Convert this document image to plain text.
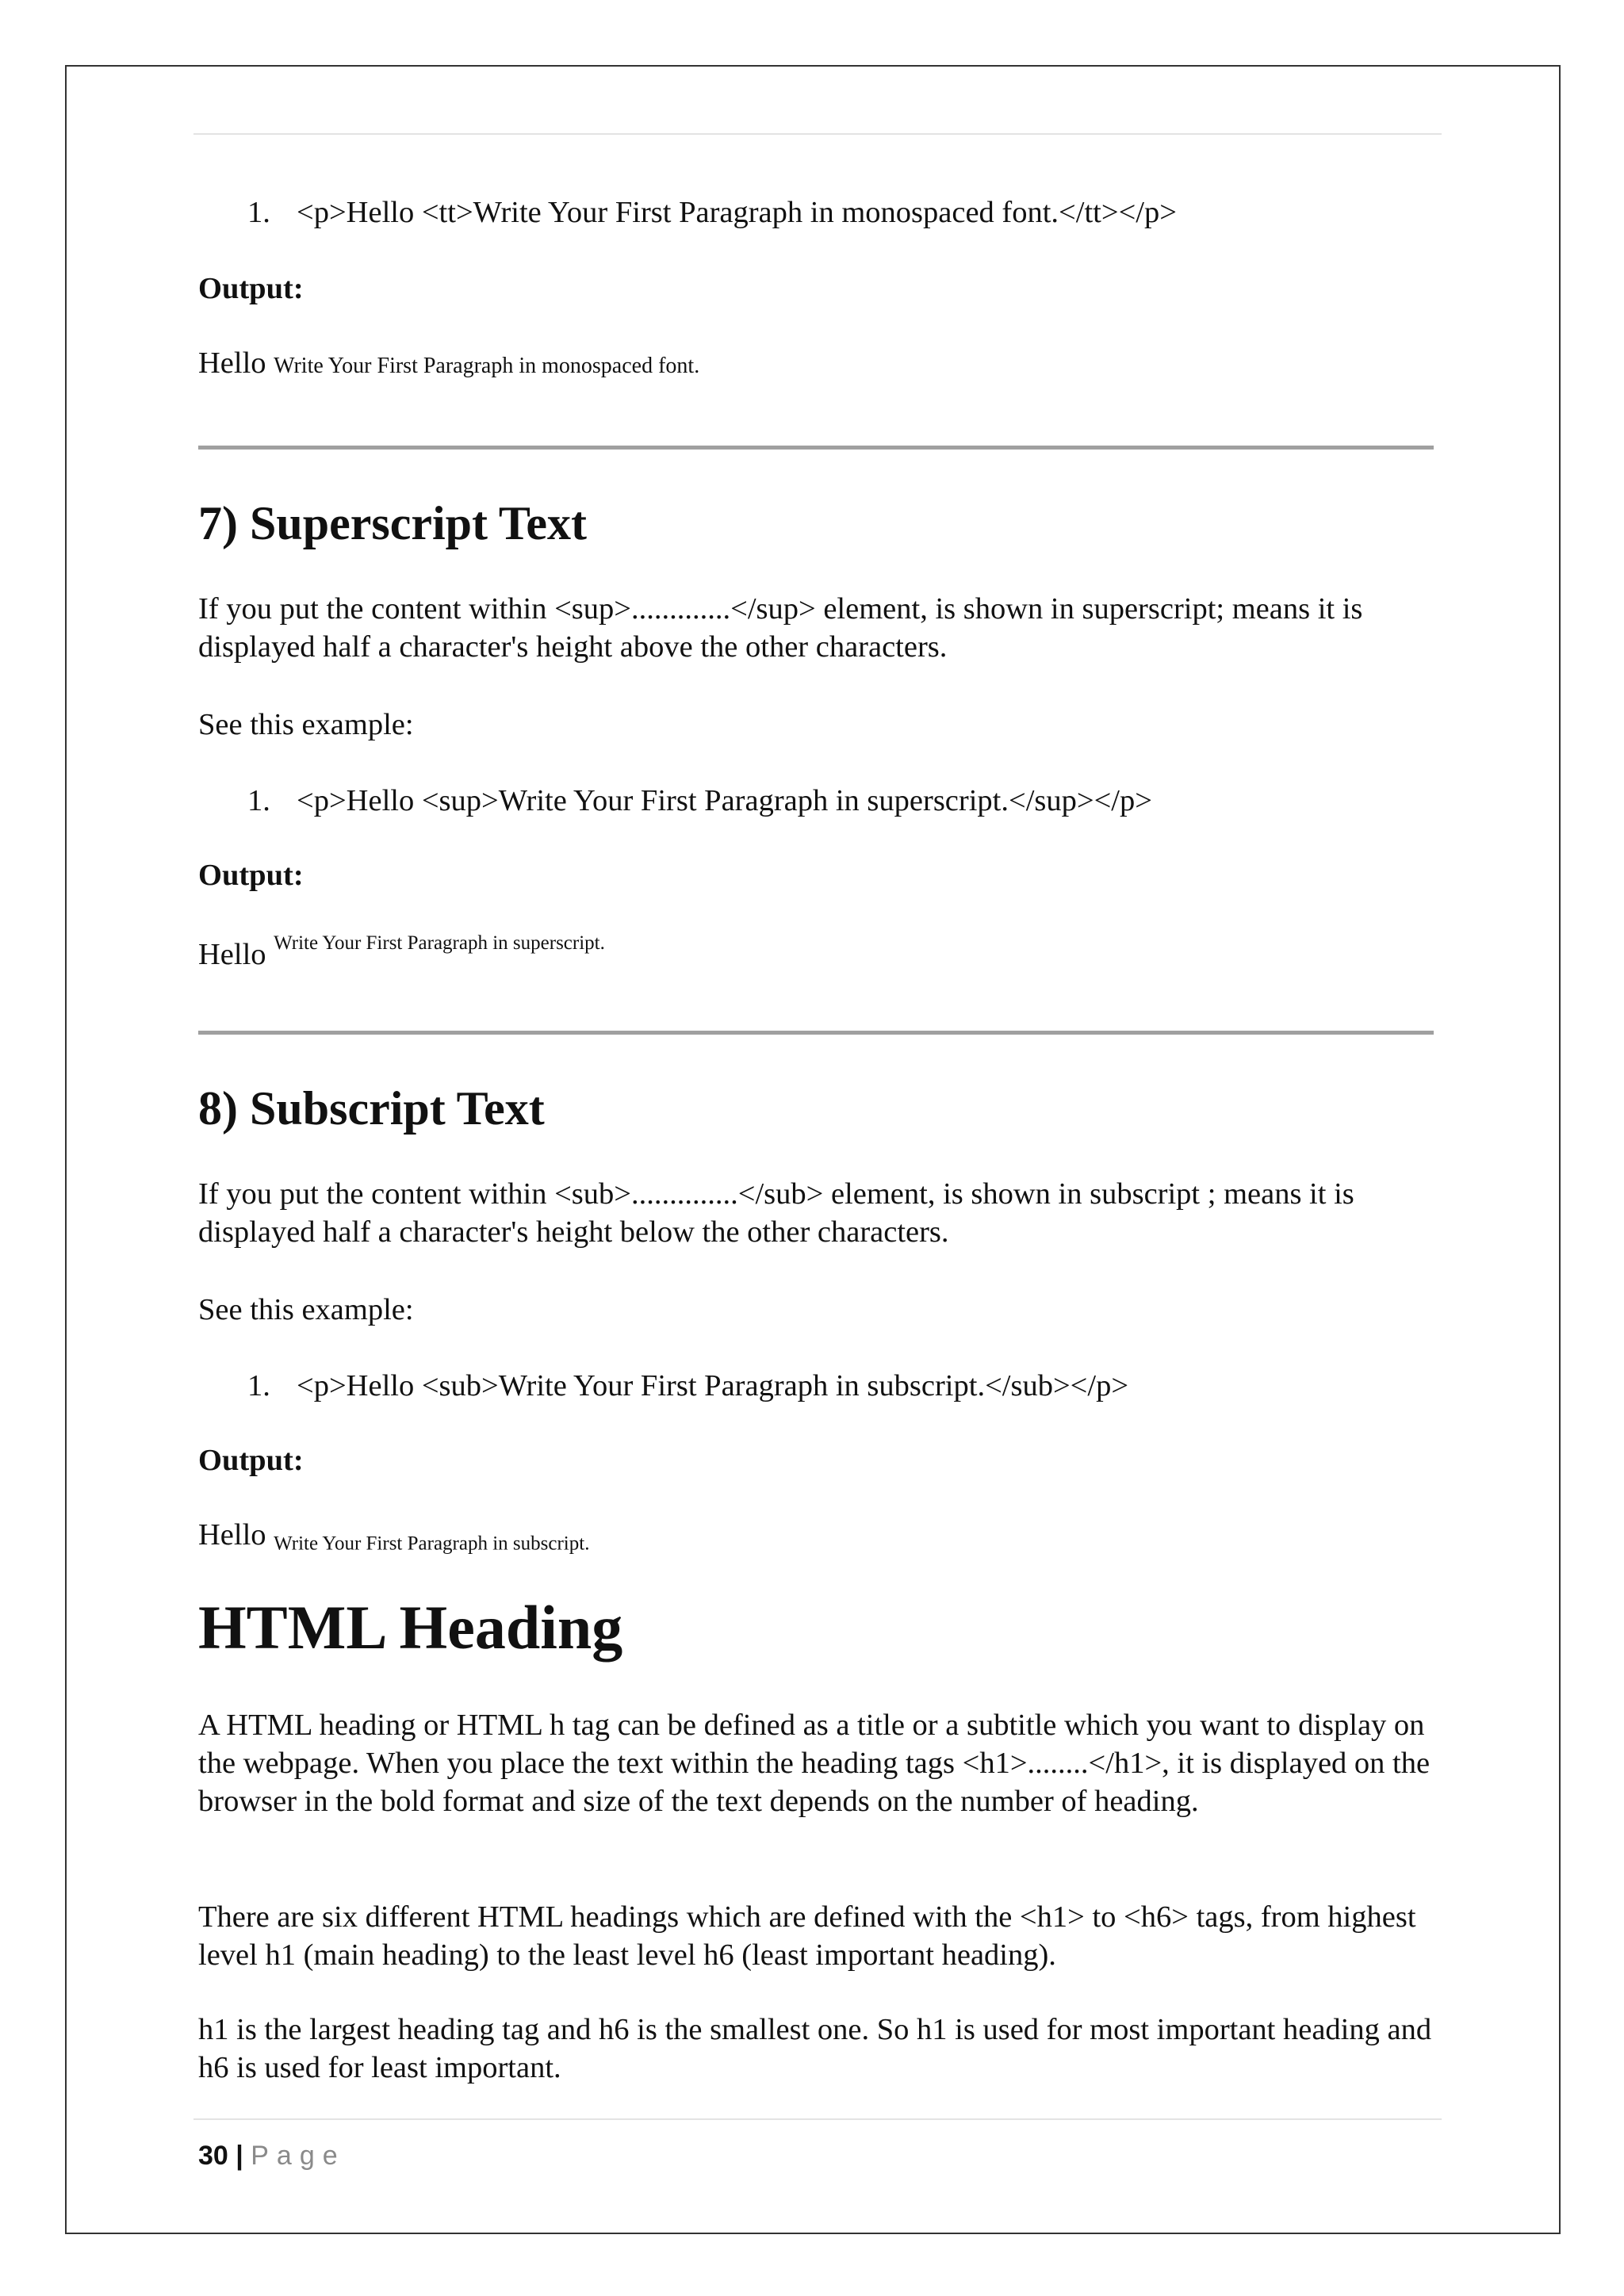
1. <p>Hello <tt>Write Your First Paragraph in monospaced font.</tt></p>
Output:
Hello Write Your First Paragraph in monospaced font.
7) Superscript Text
If you put the content within <sup>.............</sup> element, is shown in superscript; means it is displayed half a character's height above the other characters.
See this example:
1. <p>Hello <sup>Write Your First Paragraph in superscript.</sup></p>
Output:
Hello $^{Write Your First Paragraph in superscript.}$
8) Subscript Text
If you put the content within <sub>..............</sub> element, is shown in subscript ; means it is displayed half a character's height below the other characters.
See this example:
1. <p>Hello <sub>Write Your First Paragraph in subscript.</sub></p>
Output:
Hello $_{Write Your First Paragraph in subscript.}$
HTML Heading
A HTML heading or HTML h tag can be defined as a title or a subtitle which you want to display on the webpage. When you place the text within the heading tags <h1>........</h1>, it is displayed on the browser in the bold format and size of the text depends on the number of heading.
There are six different HTML headings which are defined with the <h1> to <h6> tags, from highest level h1 (main heading) to the least level h6 (least important heading).
h1 is the largest heading tag and h6 is the smallest one. So h1 is used for most important heading and h6 is used for least important.
30 | Page
